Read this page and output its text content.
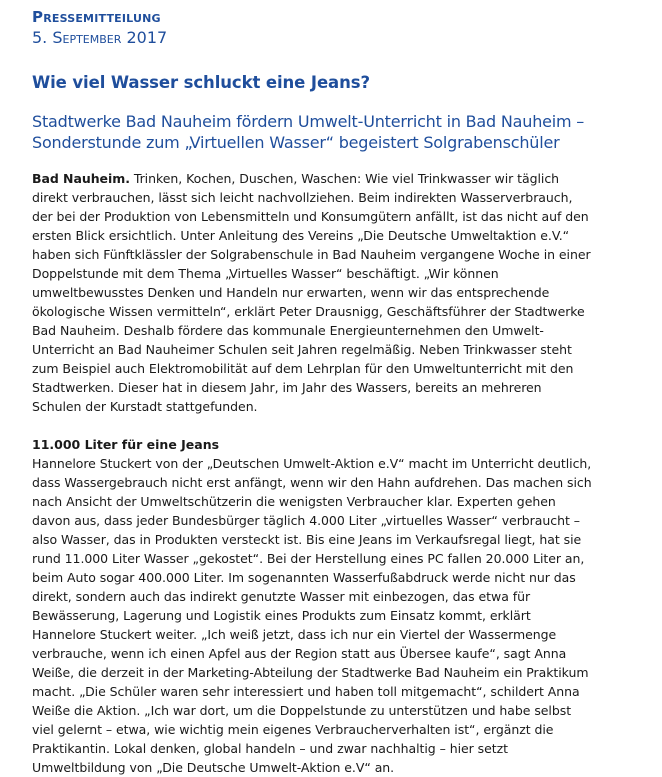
Pressemitteilung
5. September 2017
Wie viel Wasser schluckt eine Jeans?
Stadtwerke Bad Nauheim fördern Umwelt-Unterricht in Bad Nauheim –
Sonderstunde zum „Virtuellen Wasser“ begeistert Solgrabenschüler

Bad Nauheim. Trinken, Kochen, Duschen, Waschen: Wie viel Trinkwasser wir täglich
direkt verbrauchen, lässt sich leicht nachvollziehen. Beim indirekten Wasserverbrauch,
der bei der Produktion von Lebensmitteln und Konsumgütern anfällt, ist das nicht auf den
ersten Blick ersichtlich. Unter Anleitung des Vereins „Die Deutsche Umweltaktion e.V.“
haben sich Fünftklässler der Solgrabenschule in Bad Nauheim vergangene Woche in einer
Doppelstunde mit dem Thema „Virtuelles Wasser“ beschäftigt. „Wir können
umweltbewusstes Denken und Handeln nur erwarten, wenn wir das entsprechende
ökologische Wissen vermitteln“, erklärt Peter Drausnigg, Geschäftsführer der Stadtwerke
Bad Nauheim. Deshalb fördere das kommunale Energieunternehmen den Umwelt-
Unterricht an Bad Nauheimer Schulen seit Jahren regelmäßig. Neben Trinkwasser steht
zum Beispiel auch Elektromobilität auf dem Lehrplan für den Umweltunterricht mit den
Stadtwerken. Dieser hat in diesem Jahr, im Jahr des Wassers, bereits an mehreren
Schulen der Kurstadt stattgefunden.

11.000 Liter für eine Jeans

Hannelore Stuckert von der „Deutschen Umwelt-Aktion e.V“ macht im Unterricht deutlich,
dass Wassergebrauch nicht erst anfängt, wenn wir den Hahn aufdrehen. Das machen sich
nach Ansicht der Umweltschützerin die wenigsten Verbraucher klar. Experten gehen
davon aus, dass jeder Bundesbürger täglich 4.000 Liter „virtuelles Wasser“ verbraucht –
also Wasser, das in Produkten versteckt ist. Bis eine Jeans im Verkaufsregal liegt, hat sie
rund 11.000 Liter Wasser „gekostet“. Bei der Herstellung eines PC fallen 20.000 Liter an,
beim Auto sogar 400.000 Liter. Im sogenannten Wasserfußabdruck werde nicht nur das
direkt, sondern auch das indirekt genutzte Wasser mit einbezogen, das etwa für
Bewässerung, Lagerung und Logistik eines Produkts zum Einsatz kommt, erklärt
Hannelore Stuckert weiter. „Ich weiß jetzt, dass ich nur ein Viertel der Wassermenge
verbrauche, wenn ich einen Apfel aus der Region statt aus Übersee kaufe“, sagt Anna
Weiße, die derzeit in der Marketing-Abteilung der Stadtwerke Bad Nauheim ein Praktikum
macht. „Die Schüler waren sehr interessiert und haben toll mitgemacht“, schildert Anna
Weiße die Aktion. „Ich war dort, um die Doppelstunde zu unterstützen und habe selbst
viel gelernt – etwa, wie wichtig mein eigenes Verbraucherverhalten ist“, ergänzt die
Praktikantin. Lokal denken, global handeln – und zwar nachhaltig – hier setzt
Umweltbildung von „Die Deutsche Umwelt-Aktion e.V“ an.
